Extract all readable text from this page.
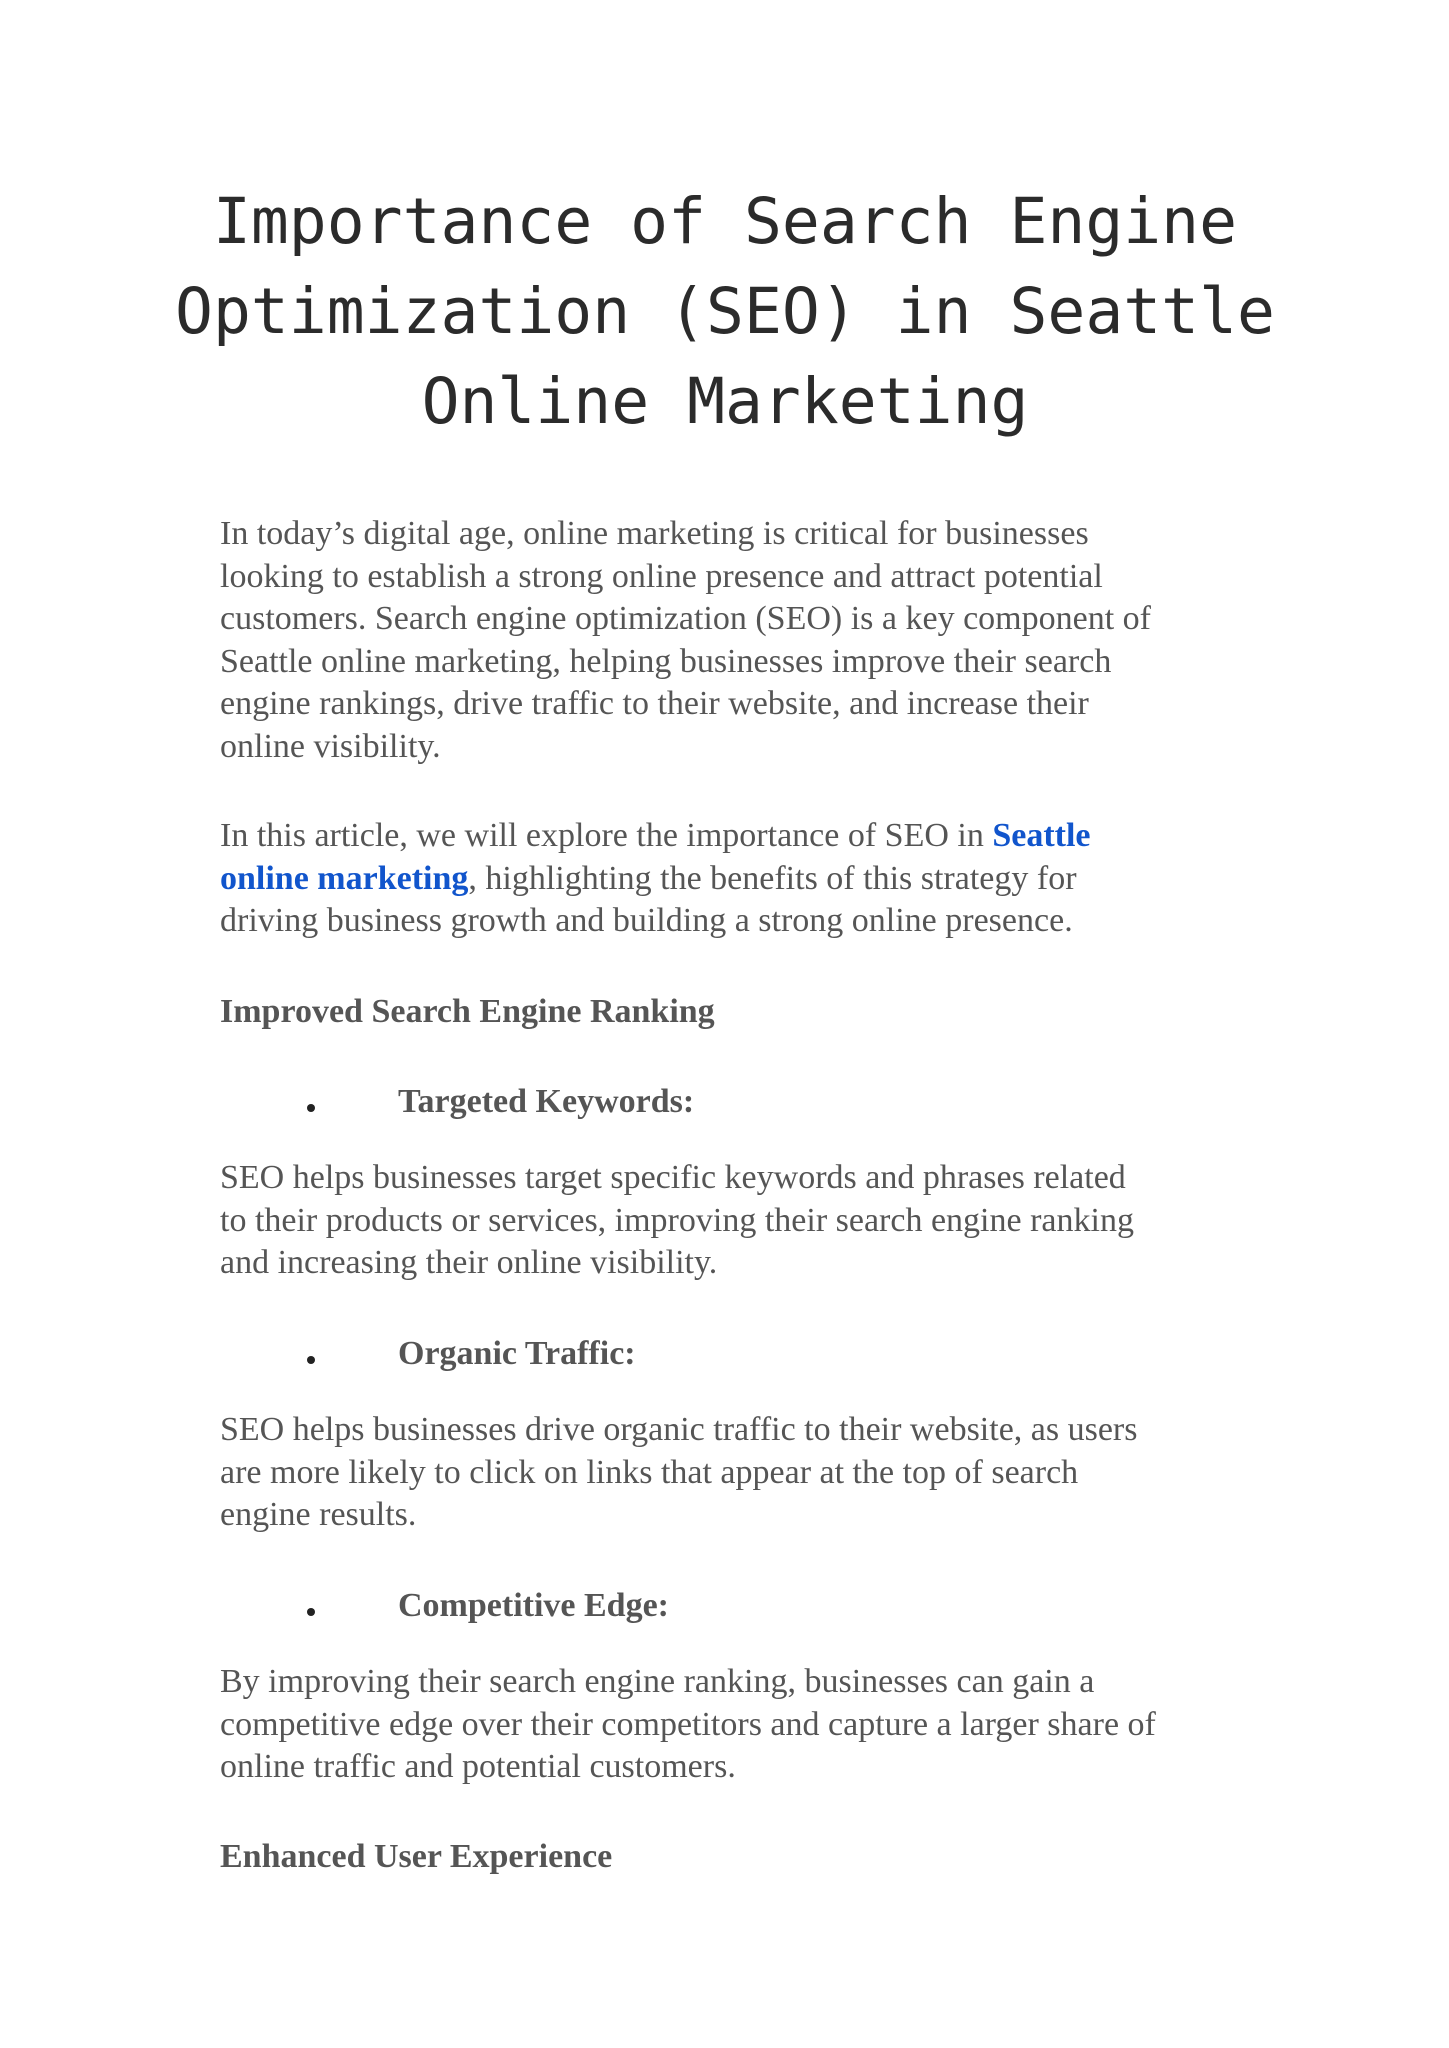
Importance of Search Engine
Optimization (SEO) in Seattle
Online Marketing

In today’s digital age, online marketing is critical for businesses
looking to establish a strong online presence and attract potential
customers. Search engine optimization (SEO) is a key component of
Seattle online marketing, helping businesses improve their search
engine rankings, drive traffic to their website, and increase their
online visibility.

In this article, we will explore the importance of SEO in Seattle
online marketing, highlighting the benefits of this strategy for
driving business growth and building a strong online presence.

Improved Search Engine Ranking
Targeted Keywords:

SEO helps businesses target specific keywords and phrases related
to their products or services, improving their search engine ranking
and increasing their online visibility.

Organic Traffic:

SEO helps businesses drive organic traffic to their website, as users
are more likely to click on links that appear at the top of search
engine results.

Competitive Edge:

By improving their search engine ranking, businesses can gain a
competitive edge over their competitors and capture a larger share of
online traffic and potential customers.

Enhanced User Experience
